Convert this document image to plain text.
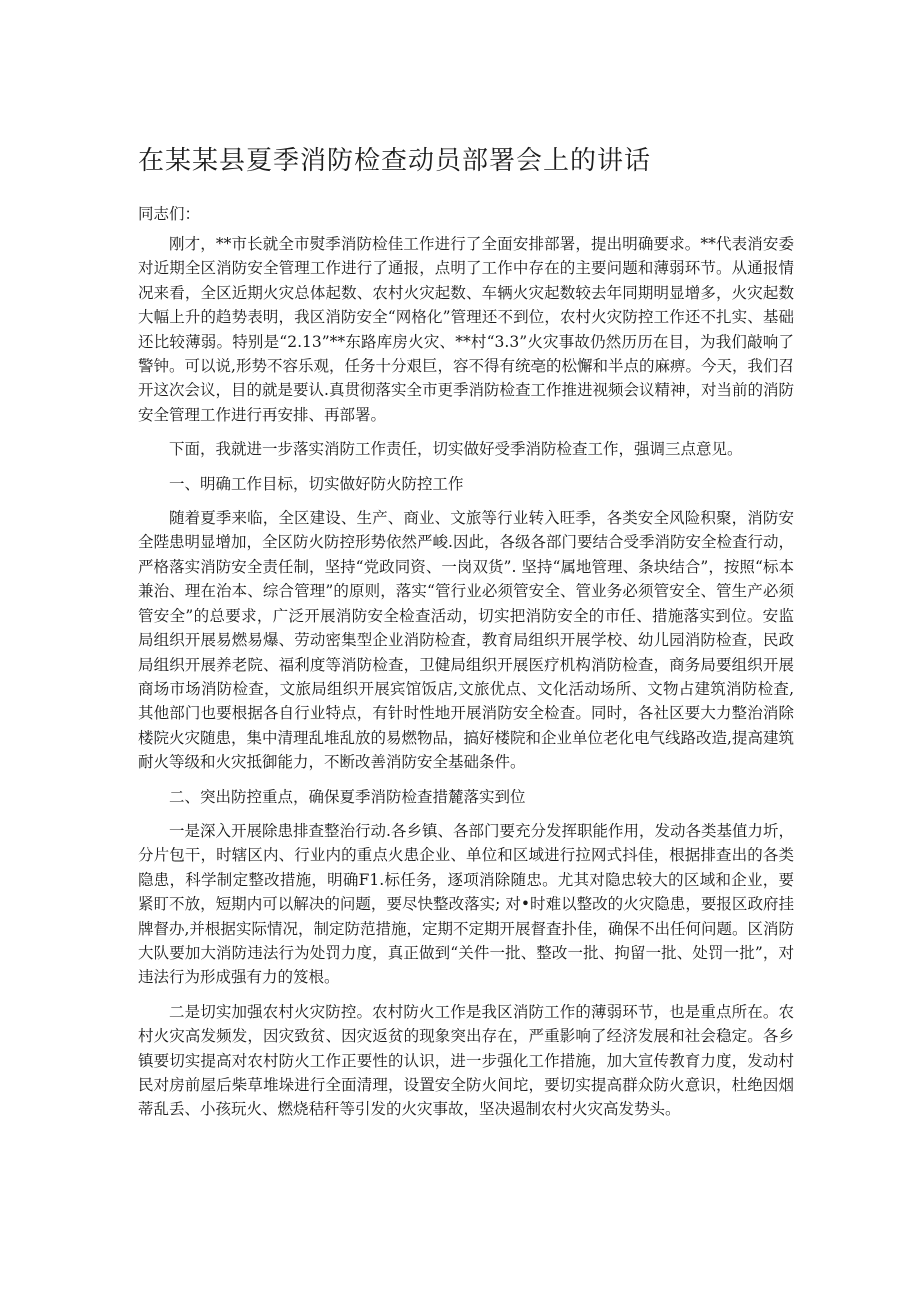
在某某县夏季消防检查动员部署会上的讲话
同志们：

刚才，**市长就全市熨季消防检佳工作进行了全面安排部署，提出明确要求。**代表消安委对近期全区消防安全管理工作进行了通报，点明了工作中存在的主要问题和薄弱环节。从通报情况来看，全区近期火灾总体起数、农村火灾起数、车辆火灾起数较去年同期明显增多，火灾起数大幅上升的趋势表明，我区消防安全“网格化”管理还不到位，农村火灾防控工作还不扎实、基础还比较薄弱。特别是“2.13”**东路库房火灾、**村“3.3”火灾事故仍然历历在目，为我们敲响了警钟。可以说,形势不容乐观，任务十分艰巨，容不得有统亳的松懈和半点的麻痹。今天，我们召开这次会议，目的就是要认.真贯彻落实全市更季消防检查工作推进视频会议精神，对当前的消防安全管理工作进行再安排、再部署。

下面，我就进一步落实消防工作责任，切实做好受季消防检查工作，强调三点意见。

一、明确工作目标，切实做好防火防控工作

随着夏季来临，全区建设、生产、商业、文旅等行业转入旺季，各类安全风险积聚，消防安全陛患明显增加，全区防火防控形势依然严峻.因此，各级各部门要结合受季消防安全检査行动，严格落实消防安全责任制，坚持“党政同资、一岗双货”. 坚持“属地管理、条块结合”，按照“标本兼治、理在治本、综合管理”的原则，落实“管行业必须管安全、管业务必须管安全、管生产必须管安全”的总要求，广泛开展消防安全检查活动，切实把消防安全的市任、措施落实到位。安监局组织开展易燃易爆、劳动密集型企业消防检査，教育局组织开展学校、幼儿园消防检查，民政局组织开展养老院、福利度等消防检查，卫健局组织开展医疗机构消防检查，商务局要组织开展商场市场消防检查，文旅局组织开展宾馆饭店,文旅优点、文化活动场所、文物占建筑消防检査,其他部门也要根据各自行业特点，有针时性地开展消防安全检査。同时，各社区要大力整治消除楼院火灾随患，集中清理乱堆乱放的易燃物品，搞好楼院和企业单位老化电气线路改造,提高建筑耐火等级和火灾抵御能力，不断改善消防安全基础条件。

二、突出防控重点，确保夏季消防检查措麓落实到位

一是深入开展除患排查整治行动.各乡镇、各部门要充分发挥职能作用，发动各类基值力圻，分片包干，时辖区内、行业内的重点火患企业、单位和区域进行拉网式抖佳，根据排查出的各类隐患，科学制定整改措施，明确F1.标任务，逐项消除随忠。尤其对隐忠较大的区域和企业，要紧盯不放，短期内可以解决的问题，要尽快整改落实; 对•时难以整改的火灾隐患，要报区政府挂牌督办,并根据实际情况，制定防范措施，定期不定期开展督査扑佳，确保不出任何问题。区消防大队要加大消防违法行为处罚力度，真正做到“关件一批、整改一批、拘留一批、处罚一批”，对违法行为形成强有力的笈根。

二是切实加强农村火灾防控。农村防火工作是我区消防工作的薄弱环节，也是重点所在。农村火灾高发频发，因灾致贫、因灾返贫的现象突出存在，严重影响了经济发展和社会稳定。各乡镇要切实提高对农村防火工作正要性的认识，进一步强化工作措施，加大宣传教育力度，发动村民对房前屋后柴草堆垛进行全面清理，设置安全防火间坨，要切实提高群众防火意识，杜绝因烟蒂乱丢、小孩玩火、燃烧秸秆等引发的火灾事故，坚决遏制农村火灾高发势头。
